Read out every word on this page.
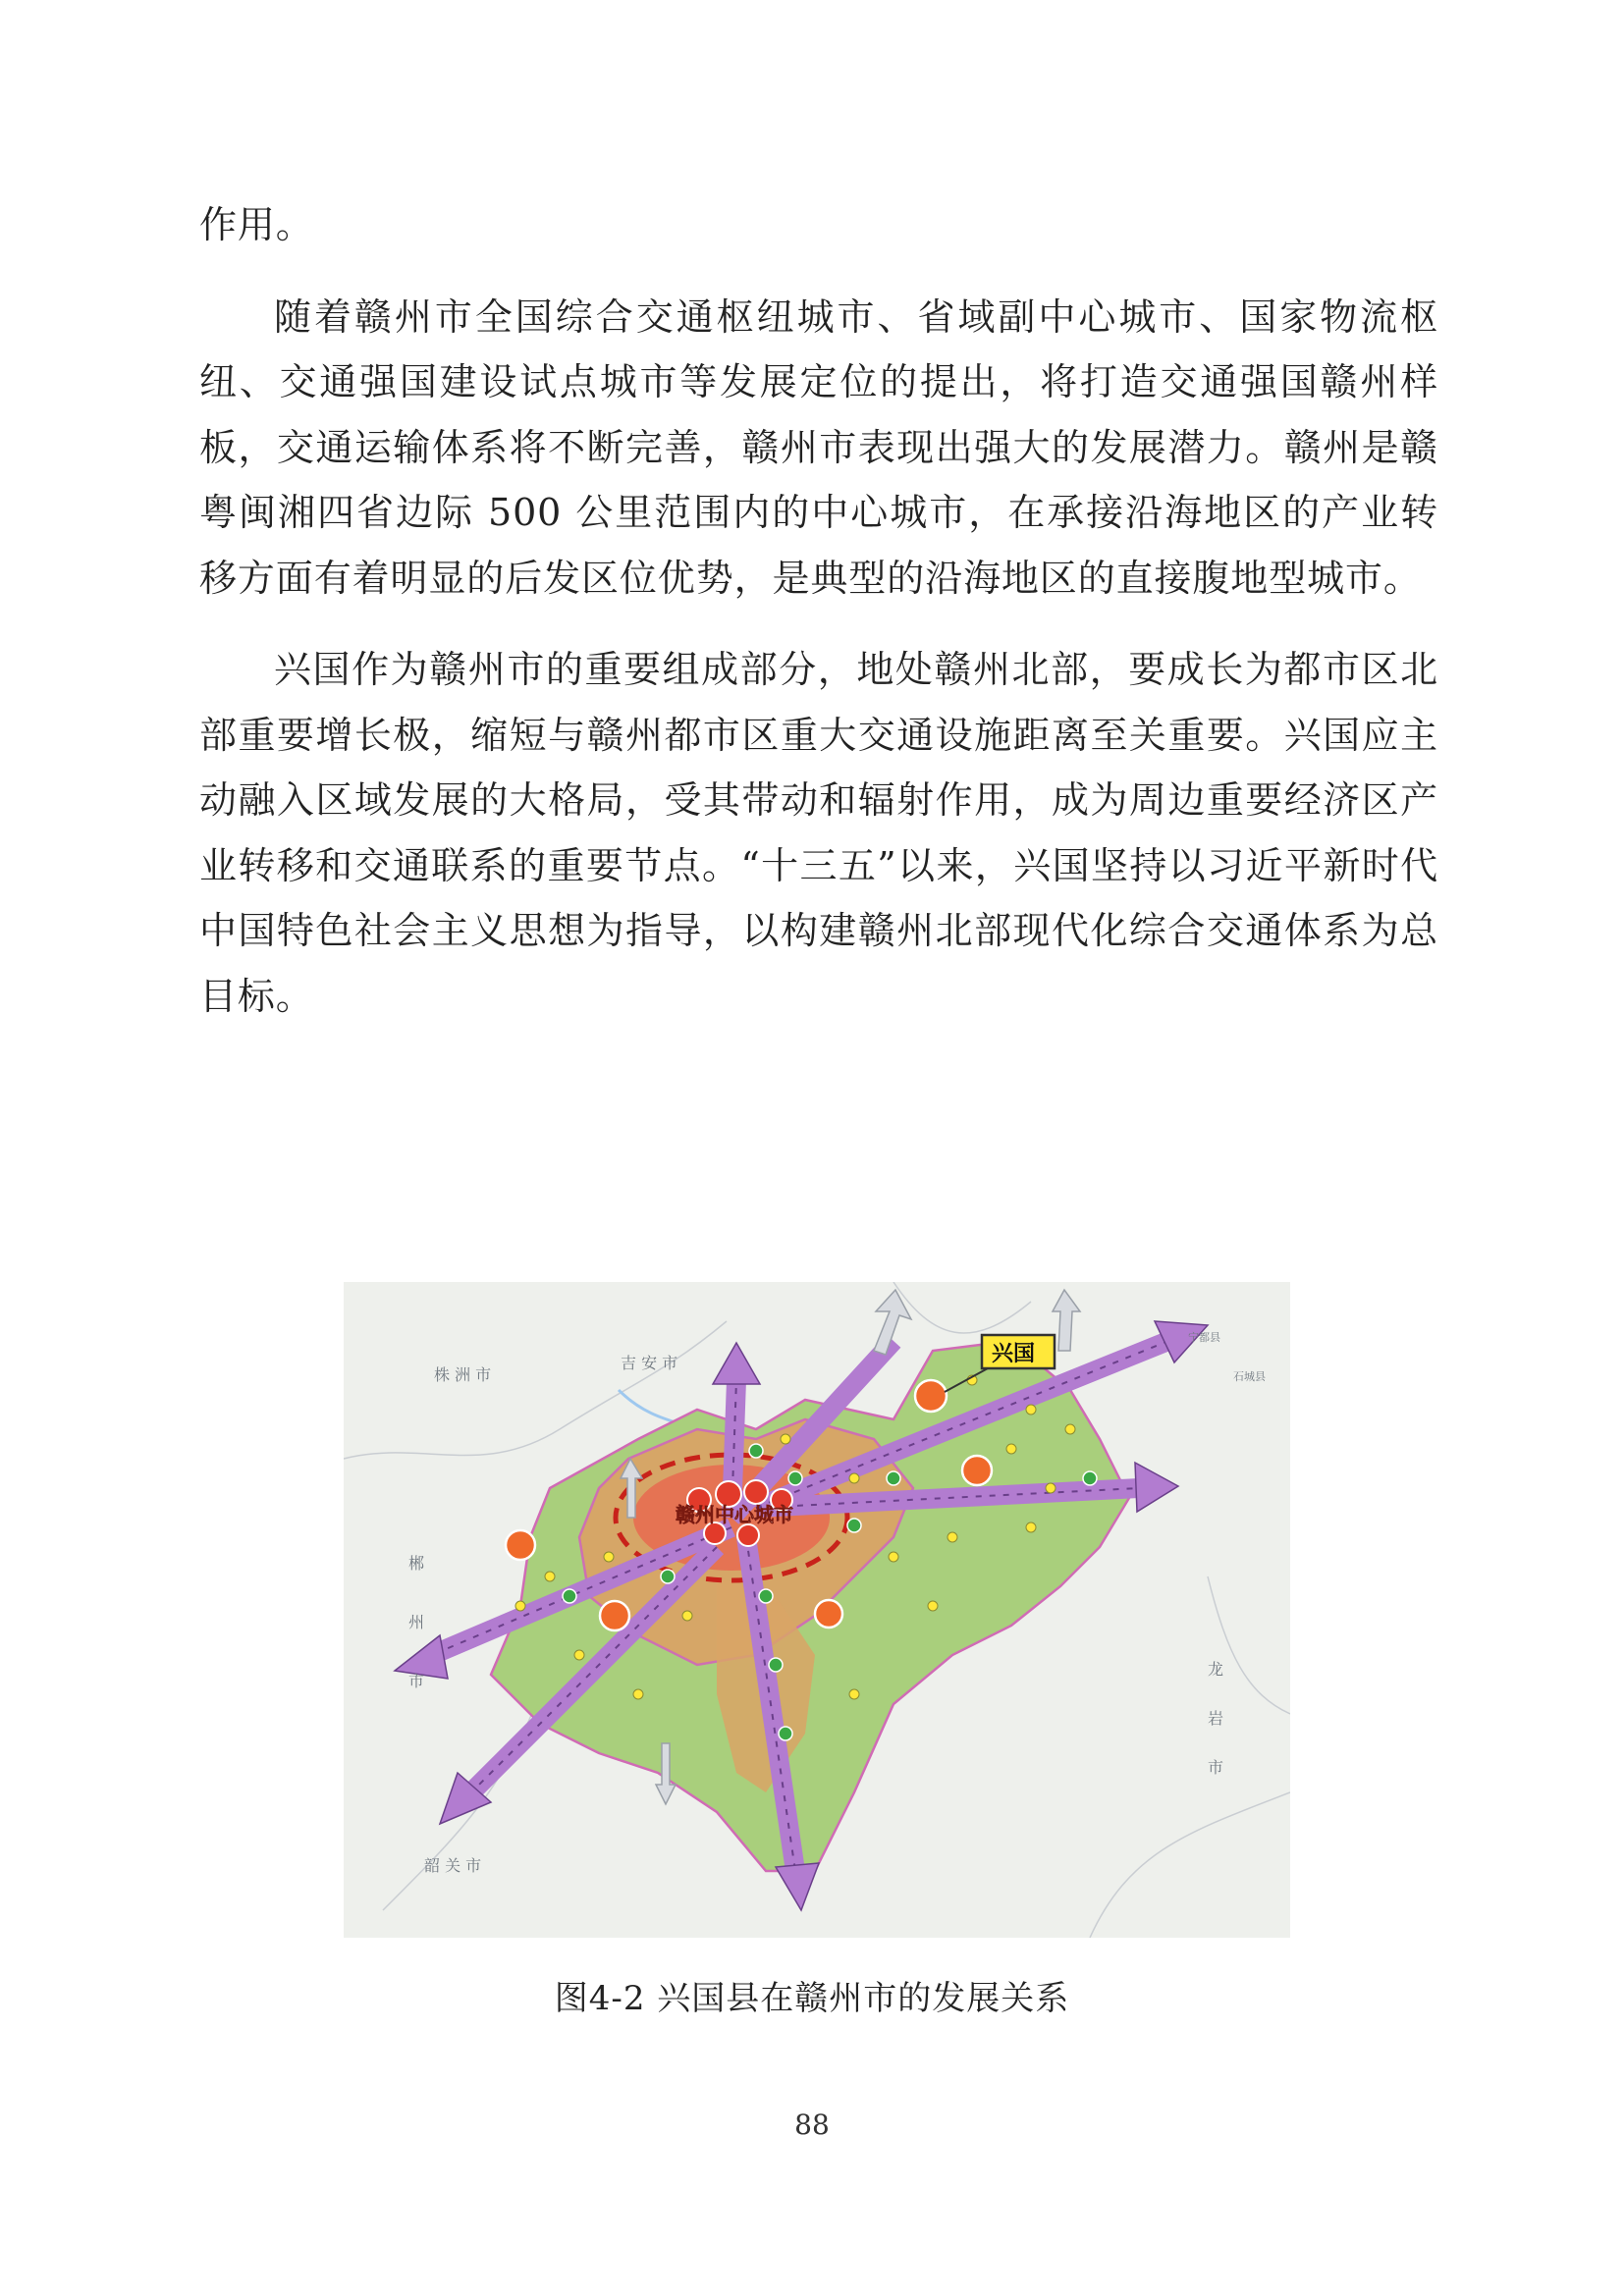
作用。

随着赣州市全国综合交通枢纽城市、省域副中心城市、国家物流枢纽、交通强国建设试点城市等发展定位的提出，将打造交通强国赣州样板，交通运输体系将不断完善，赣州市表现出强大的发展潜力。赣州是赣粤闽湘四省边际 500 公里范围内的中心城市，在承接沿海地区的产业转移方面有着明显的后发区位优势，是典型的沿海地区的直接腹地型城市。

兴国作为赣州市的重要组成部分，地处赣州北部，要成长为都市区北部重要增长极，缩短与赣州都市区重大交通设施距离至关重要。兴国应主动融入区域发展的大格局，受其带动和辐射作用，成为周边重要经济区产业转移和交通联系的重要节点。“十三五”以来，兴国坚持以习近平新时代中国特色社会主义思想为指导，以构建赣州北部现代化综合交通体系为总目标。

株 洲 市
吉 安 市
郴
州
市
韶 关 市
龙
岩
市
宁都县
石城县
赣州中心城市
兴国
图4-2 兴国县在赣州市的发展关系
88
